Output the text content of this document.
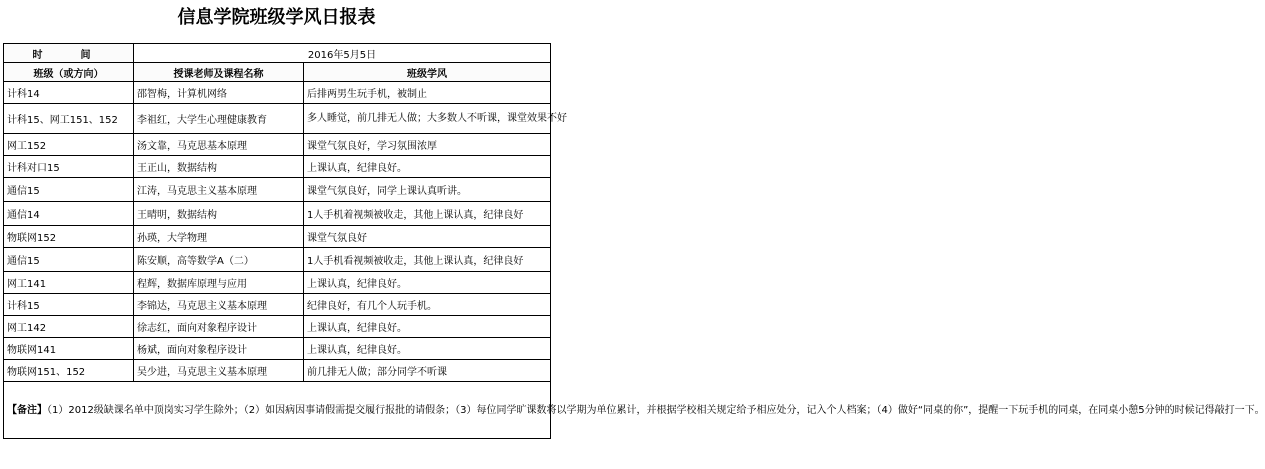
信息学院班级学风日报表
时　间	2016年5月5日	
班级（或方向）	授课老师及课程名称	班级学风
计科14	邵智梅，计算机网络	后排两男生玩手机，被制止
计科15、网工151、152	李祖红，大学生心理健康教育	多人睡觉，前几排无人做；大多数人不听课，课堂效果不好
网工152	汤文靠，马克思基本原理	课堂气氛良好，学习氛围浓厚
计科对口15	王正山，数据结构	上课认真，纪律良好。
通信15	江涛，马克思主义基本原理	课堂气氛良好，同学上课认真听讲。
通信14	王晴明，数据结构	1人手机着视频被收走，其他上课认真，纪律良好
物联网152	孙瑛，大学物理	课堂气氛良好
通信15	陈安顺，高等数学A（二）	1人手机看视频被收走，其他上课认真，纪律良好
网工141	程辉，数据库原理与应用	上课认真，纪律良好。
计科15	李锦达，马克思主义基本原理	纪律良好，有几个人玩手机。
网工142	徐志红，面向对象程序设计	上课认真，纪律良好。
物联网141	杨斌，面向对象程序设计	上课认真，纪律良好。
物联网151、152	吴少进，马克思主义基本原理	前几排无人做；部分同学不听课
【备注】（1）2012级缺课名单中顶岗实习学生除外；（2）如因病因事请假需提交履行报批的请假条；（3）每位同学旷课数将以学期为单位累计，并根据学校相关规定给予相应处分，记入个人档案；（4）做好“同桌的你”，提醒一下玩手机的同桌，在同桌小憩5分钟的时候记得敲打一下。		
